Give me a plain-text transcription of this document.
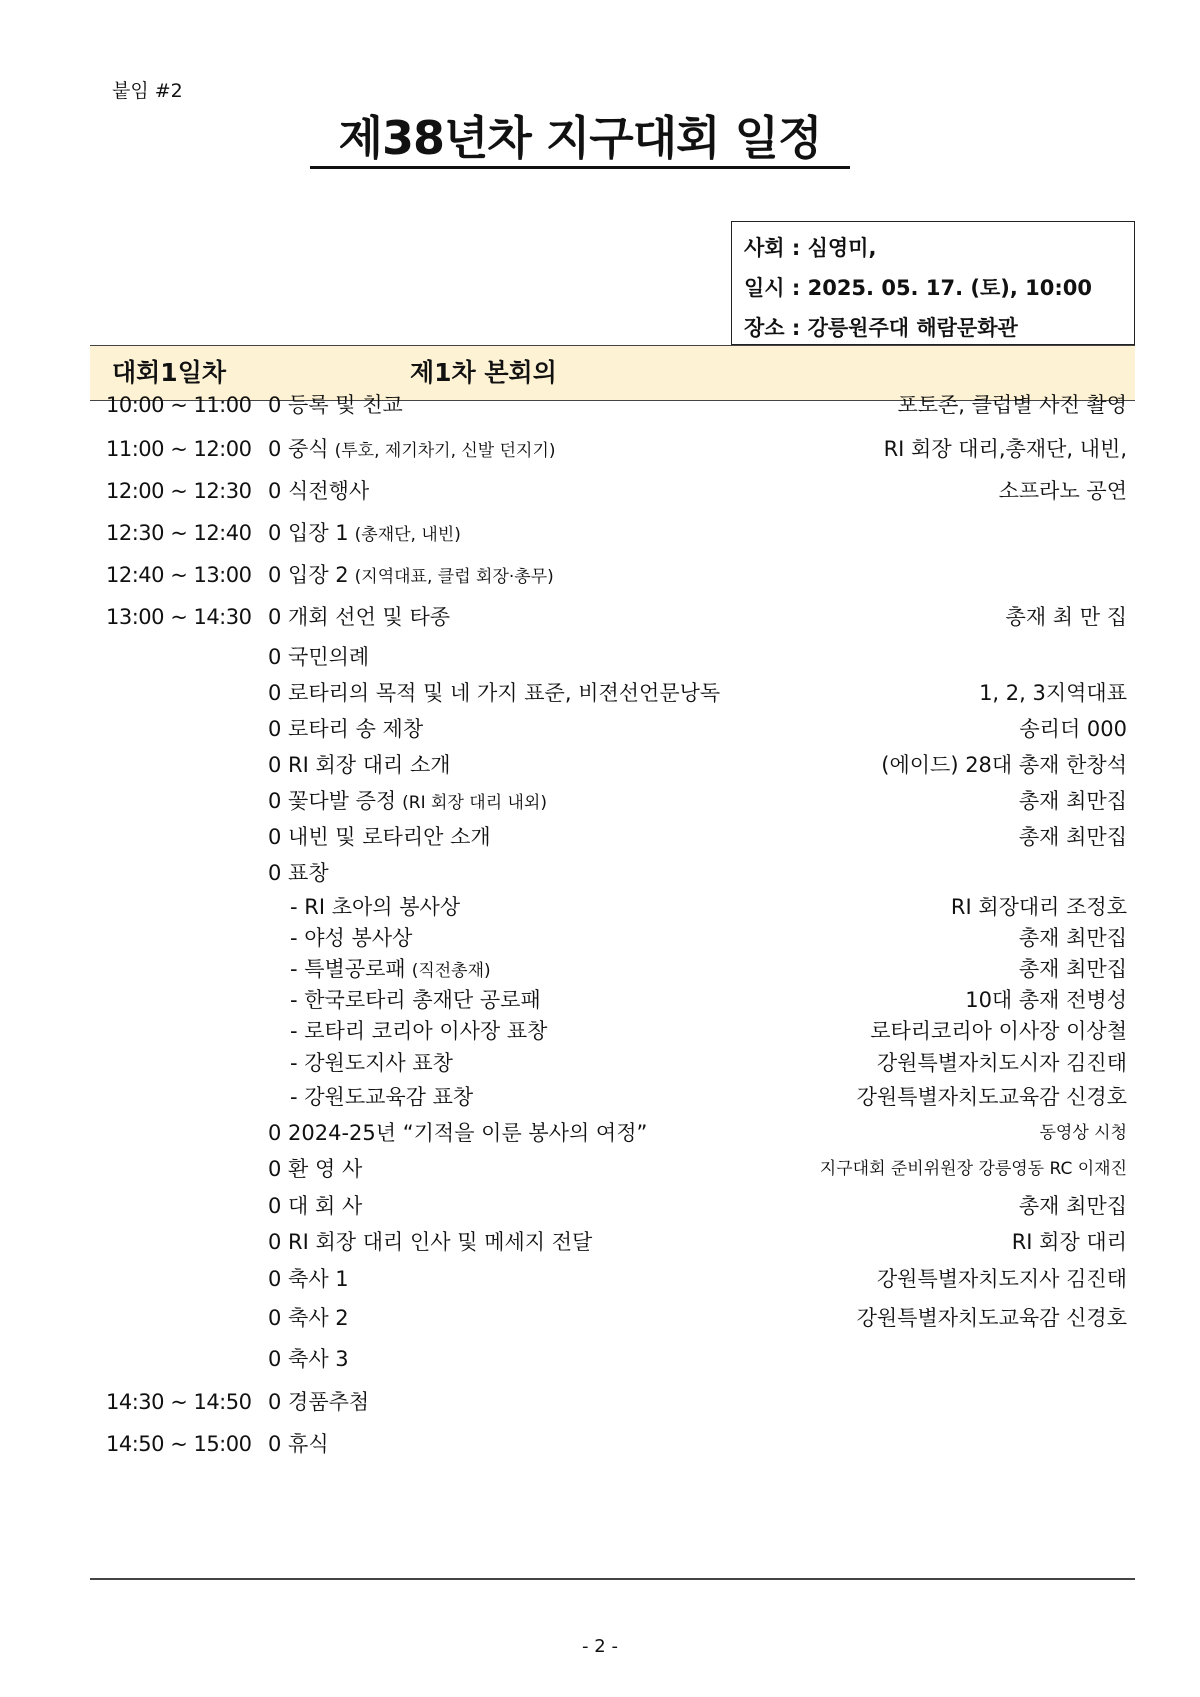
붙임 #2
제38년차 지구대회 일정
사회 : 심영미,
일시 : 2025. 05. 17. (토), 10:00
장소 : 강릉원주대 해람문화관
대회1일차	제1차 본회의
10:00 ~ 11:00 0 등록 및 친교	포토존, 클럽별 사진 촬영
11:00 ~ 12:00 0 중식 (투호, 제기차기, 신발 던지기)	RI 회장 대리,총재단, 내빈,
12:00 ~ 12:30 0 식전행사	소프라노 공연
12:30 ~ 12:40 0 입장 1 (총재단, 내빈)
12:40 ~ 13:00 0 입장 2 (지역대표, 클럽 회장·총무)
13:00 ~ 14:30 0 개회 선언 및 타종	총재 최 만 집
0 국민의례
0 로타리의 목적 및 네 가지 표준, 비젼선언문낭독	1, 2, 3지역대표
0 로타리 송 제창	송리더 000
0 RI 회장 대리 소개	(에이드) 28대 총재 한창석
0 꽃다발 증정 (RI 회장 대리 내외)	총재 최만집
0 내빈 및 로타리안 소개	총재 최만집
0 표창
- RI 초아의 봉사상	RI 회장대리 조정호
- 야성 봉사상	총재 최만집
- 특별공로패 (직전총재)	총재 최만집
- 한국로타리 총재단 공로패	10대 총재 전병성
- 로타리 코리아 이사장 표창	로타리코리아 이사장 이상철
- 강원도지사 표창	강원특별자치도시자 김진태
- 강원도교육감 표창	강원특별자치도교육감 신경호
0 2024-25년 “기적을 이룬 봉사의 여정”	동영상 시청
0 환 영 사	지구대회 준비위원장 강릉영동 RC 이재진
0 대 회 사	총재 최만집
0 RI 회장 대리 인사 및 메세지 전달	RI 회장 대리
0 축사 1	강원특별자치도지사 김진태
0 축사 2	강원특별자치도교육감 신경호
0 축사 3
14:30 ~ 14:50 0 경품추첨
14:50 ~ 15:00 0 휴식
- 2 -
